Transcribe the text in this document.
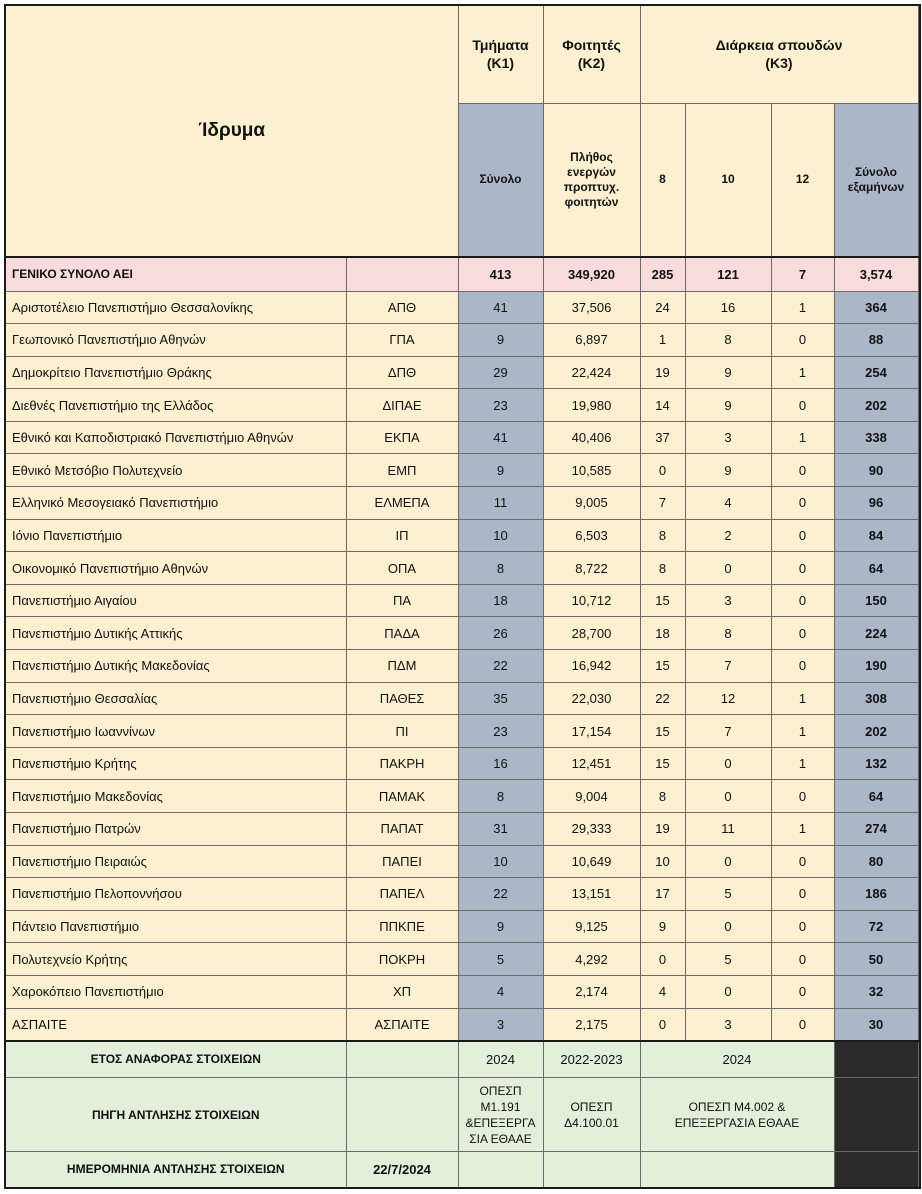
Ίδρυμα		Τμήματα
(Κ1)	Φοιτητές
(Κ2)	Διάρκεια σπουδών
(Κ3)				
		Σύνολο	Πλήθος
ενεργών
προπτυχ.
φοιτητών	8	10	12	Σύνολο
εξαμήνων	
ΓΕΝΙΚΟ ΣΥΝΟΛΟ ΑΕΙ		413	349,920	285	121	7	3,574	
Αριστοτέλειο Πανεπιστήμιο Θεσσαλονίκης	ΑΠΘ	41	37,506	24	16	1	364	
Γεωπονικό Πανεπιστήμιο Αθηνών	ΓΠΑ	9	6,897	1	8	0	88	
Δημοκρίτειο Πανεπιστήμιο Θράκης	ΔΠΘ	29	22,424	19	9	1	254	
Διεθνές Πανεπιστήμιο της Ελλάδος	ΔΙΠΑΕ	23	19,980	14	9	0	202	
Εθνικό και Καποδιστριακό Πανεπιστήμιο Αθηνών	ΕΚΠΑ	41	40,406	37	3	1	338	
Εθνικό Μετσόβιο Πολυτεχνείο	ΕΜΠ	9	10,585	0	9	0	90	
Ελληνικό Μεσογειακό Πανεπιστήμιο	ΕΛΜΕΠΑ	11	9,005	7	4	0	96	
Ιόνιο Πανεπιστήμιο	ΙΠ	10	6,503	8	2	0	84	
Οικονομικό Πανεπιστήμιο Αθηνών	ΟΠΑ	8	8,722	8	0	0	64	
Πανεπιστήμιο Αιγαίου	ΠΑ	18	10,712	15	3	0	150	
Πανεπιστήμιο Δυτικής Αττικής	ΠΑΔΑ	26	28,700	18	8	0	224	
Πανεπιστήμιο Δυτικής Μακεδονίας	ΠΔΜ	22	16,942	15	7	0	190	
Πανεπιστήμιο Θεσσαλίας	ΠΑΘΕΣ	35	22,030	22	12	1	308	
Πανεπιστήμιο Ιωαννίνων	ΠΙ	23	17,154	15	7	1	202	
Πανεπιστήμιο Κρήτης	ΠΑΚΡΗ	16	12,451	15	0	1	132	
Πανεπιστήμιο Μακεδονίας	ΠΑΜΑΚ	8	9,004	8	0	0	64	
Πανεπιστήμιο Πατρών	ΠΑΠΑΤ	31	29,333	19	11	1	274	
Πανεπιστήμιο Πειραιώς	ΠΑΠΕΙ	10	10,649	10	0	0	80	
Πανεπιστήμιο Πελοποννήσου	ΠΑΠΕΛ	22	13,151	17	5	0	186	
Πάντειο Πανεπιστήμιο	ΠΠΚΠΕ	9	9,125	9	0	0	72	
Πολυτεχνείο Κρήτης	ΠΟΚΡΗ	5	4,292	0	5	0	50	
Χαροκόπειο Πανεπιστήμιο	ΧΠ	4	2,174	4	0	0	32	
ΑΣΠΑΙΤΕ	ΑΣΠΑΙΤΕ	3	2,175	0	3	0	30	
ΕΤΟΣ ΑΝΑΦΟΡΑΣ ΣΤΟΙΧΕΙΩΝ		2024	2022-2023	2024				
ΠΗΓΗ ΑΝΤΛΗΣΗΣ ΣΤΟΙΧΕΙΩΝ		ΟΠΕΣΠ
Μ1.191
&ΕΠΕΞΕΡΓΑ
ΣΙΑ ΕΘΑΑΕ	ΟΠΕΣΠ
Δ4.100.01	ΟΠΕΣΠ Μ4.002 &
ΕΠΕΞΕΡΓΑΣΙΑ ΕΘΑΑΕ				
ΗΜΕΡΟΜΗΝΙΑ ΑΝΤΛΗΣΗΣ ΣΤΟΙΧΕΙΩΝ	22/7/2024							
